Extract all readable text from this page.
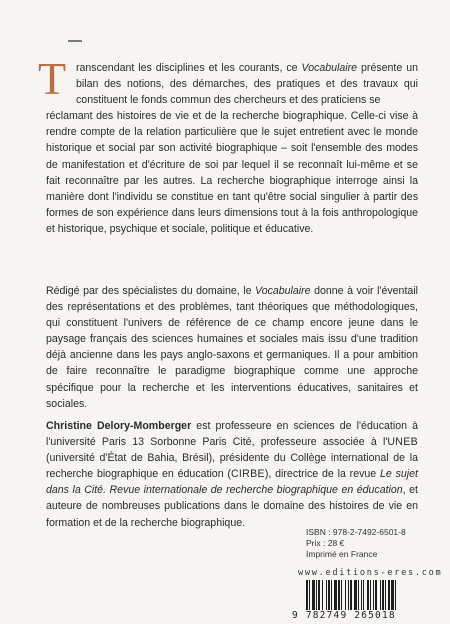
T ranscendant les disciplines et les courants, ce Vocabulaire présente un bilan des notions, des démarches, des pratiques et des travaux qui constituent le fonds commun des chercheurs et des praticiens se
réclamant des histoires de vie et de la recherche biographique. Celle-ci vise à rendre compte de la relation particulière que le sujet entretient avec le monde historique et social par son activité biographique – soit l'ensemble des modes de manifestation et d'écriture de soi par lequel il se reconnaît lui-même et se fait reconnaître par les autres. La recherche biographique interroge ainsi la manière dont l'individu se constitue en tant qu'être social singulier à partir des formes de son expérience dans leurs dimensions tout à la fois anthropologique et historique, psychique et sociale, politique et éducative.
Rédigé par des spécialistes du domaine, le Vocabulaire donne à voir l'éventail des représentations et des problèmes, tant théoriques que méthodologiques, qui constituent l'univers de référence de ce champ encore jeune dans le paysage français des sciences humaines et sociales mais issu d'une tradition déjà ancienne dans les pays anglo-saxons et germaniques. Il a pour ambition de faire reconnaître le paradigme biographique comme une approche spécifique pour la recherche et les interventions éducatives, sanitaires et sociales.
Christine Delory-Momberger est professeure en sciences de l'éducation à l'université Paris 13 Sorbonne Paris Cité, professeure associée à l'UNEB (université d'État de Bahia, Brésil), présidente du Collège international de la recherche biographique en éducation (CIRBE), directrice de la revue Le sujet dans la Cité. Revue internationale de recherche biographique en éducation, et auteure de nombreuses publications dans le domaine des histoires de vie en formation et de la recherche biographique.
ISBN : 978-2-7492-6501-8
Prix : 28 €
Imprimé en France
www.editions-eres.com
9 782749 265018
